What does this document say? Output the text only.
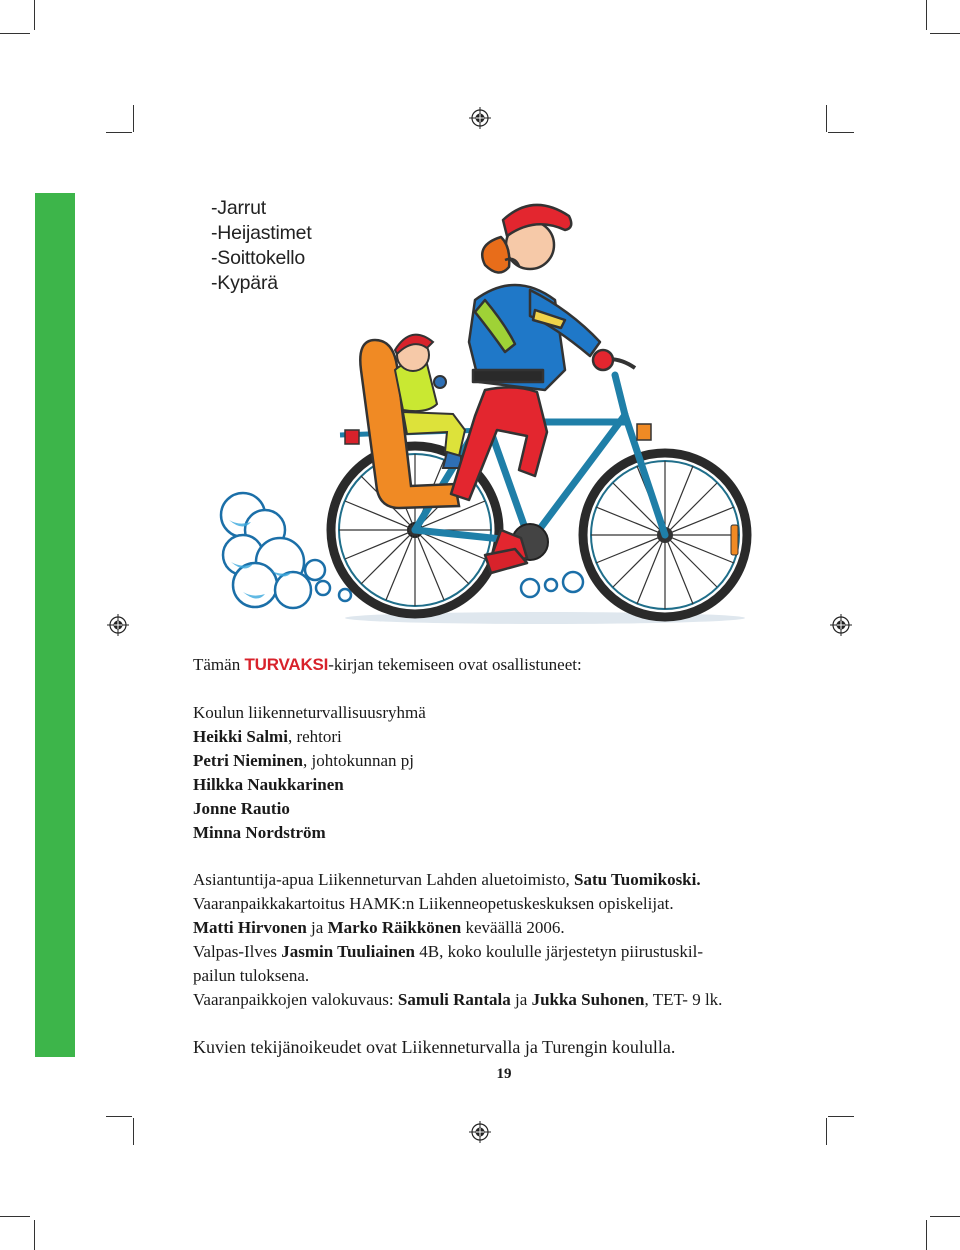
-Jarrut
-Heijastimet
-Soittokello
-Kypärä
Tämän TURVAKSI-kirjan tekemiseen ovat osallistuneet:

Koulun liikenneturvallisuusryhmä

Heikki Salmi, rehtori

Petri Nieminen, johtokunnan pj

Hilkka Naukkarinen

Jonne Rautio

Minna Nordström

Asiantuntija-apua Liikenneturvan Lahden aluetoimisto, Satu Tuomikoski.

Vaaranpaikkakartoitus HAMK:n Liikenneopetuskeskuksen opiskelijat.

Matti Hirvonen ja Marko Räikkönen keväällä 2006.

Valpas-Ilves Jasmin Tuuliainen 4B, koko koululle järjestetyn piirustuskil-

pailun tuloksena.

Vaaranpaikkojen valokuvaus: Samuli Rantala ja Jukka Suhonen, TET- 9 lk.

Kuvien tekijänoikeudet ovat Liikenneturvalla ja Turengin koululla.
19
